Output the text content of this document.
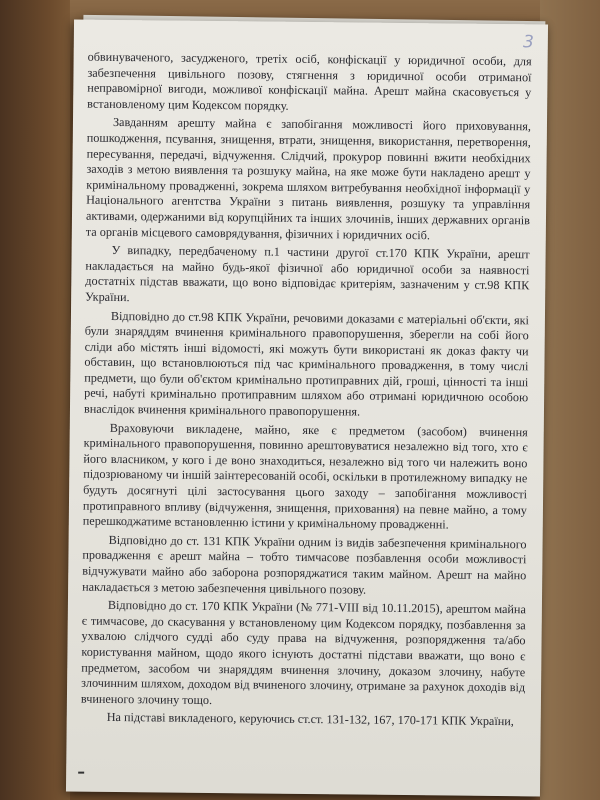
3

обвинуваченого, засудженого, третіх осіб, конфіскації у юридичної особи, для забезпечення цивільного позову, стягнення з юридичної особи отриманої неправомірної вигоди, можливої конфіскації майна. Арешт майна скасовується у встановленому цим Кодексом порядку.

Завданням арешту майна є запобігання можливості його приховування, пошкодження, псування, знищення, втрати, знищення, використання, перетворення, пересування, передачі, відчуження. Слідчий, прокурор повинні вжити необхідних заходів з метою виявлення та розшуку майна, на яке може бути накладено арешт у кримінальному провадженні, зокрема шляхом витребування необхідної інформації у Національного агентства України з питань виявлення, розшуку та управління активами, одержаними від корупційних та інших злочинів, інших державних органів та органів місцевого самоврядування, фізичних і юридичних осіб.

У випадку, передбаченому п.1 частини другої ст.170 КПК України, арешт накладається на майно будь-якої фізичної або юридичної особи за наявності достатніх підстав вважати, що воно відповідає критеріям, зазначеним у ст.98 КПК України.

Відповідно до ст.98 КПК України, речовими доказами є матеріальні об'єкти, які були знаряддям вчинення кримінального правопорушення, зберегли на собі його сліди або містять інші відомості, які можуть бути використані як доказ факту чи обставин, що встановлюються під час кримінального провадження, в тому числі предмети, що були об'єктом кримінально протиправних дій, гроші, цінності та інші речі, набуті кримінально протиправним шляхом або отримані юридичною особою внаслідок вчинення кримінального правопорушення.

Враховуючи викладене, майно, яке є предметом (засобом) вчинення кримінального правопорушення, повинно арештовуватися незалежно від того, хто є його власником, у кого і де воно знаходиться, незалежно від того чи належить воно підозрюваному чи іншій заінтересованій особі, оскільки в протилежному випадку не будуть досягнуті цілі застосування цього заходу – запобігання можливості протиправного впливу (відчуження, знищення, приховання) на певне майно, а тому перешкоджатиме встановленню істини у кримінальному провадженні.

Відповідно до ст. 131 КПК України одним із видів забезпечення кримінального провадження є арешт майна – тобто тимчасове позбавлення особи можливості відчужувати майно або заборона розпоряджатися таким майном. Арешт на майно накладається з метою забезпечення цивільного позову.

Відповідно до ст. 170 КПК України (№ 771-VIII від 10.11.2015), арештом майна є тимчасове, до скасування у встановленому цим Кодексом порядку, позбавлення за ухвалою слідчого судді або суду права на відчуження, розпорядження та/або користування майном, щодо якого існують достатні підстави вважати, що воно є предметом, засобом чи знаряддям вчинення злочину, доказом злочину, набуте злочинним шляхом, доходом від вчиненого злочину, отримане за рахунок доходів від вчиненого злочину тощо.

На підставі викладеного, керуючись ст.ст. 131-132, 167, 170-171 КПК України,
